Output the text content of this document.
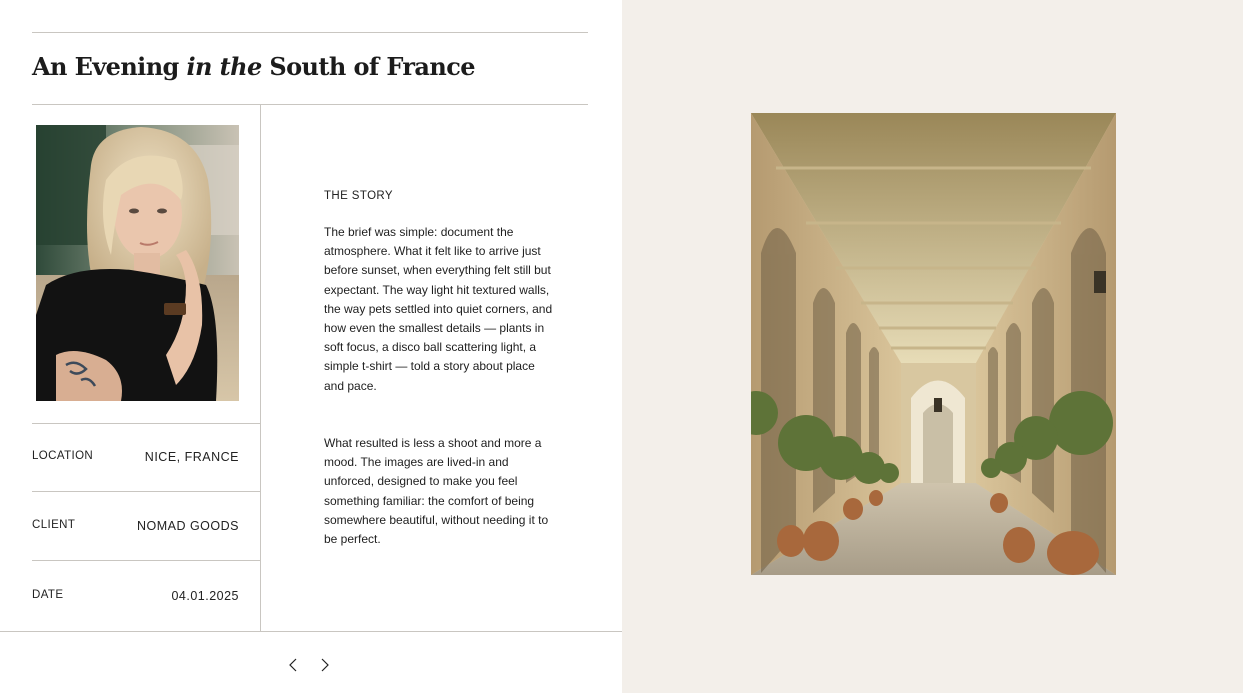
An Evening in the South of France
LOCATION	NICE, FRANCE
CLIENT	NOMAD GOODS
DATE	04.01.2025
THE STORY

The brief was simple: document the atmosphere. What it felt like to arrive just before sunset, when everything felt still but expectant. The way light hit textured walls, the way pets settled into quiet corners, and how even the smallest details — plants in soft focus, a disco ball scattering light, a simple t-shirt — told a story about place and pace.

What resulted is less a shoot and more a mood. The images are lived-in and unforced, designed to make you feel something familiar: the comfort of being somewhere beautiful, without needing it to be perfect.
